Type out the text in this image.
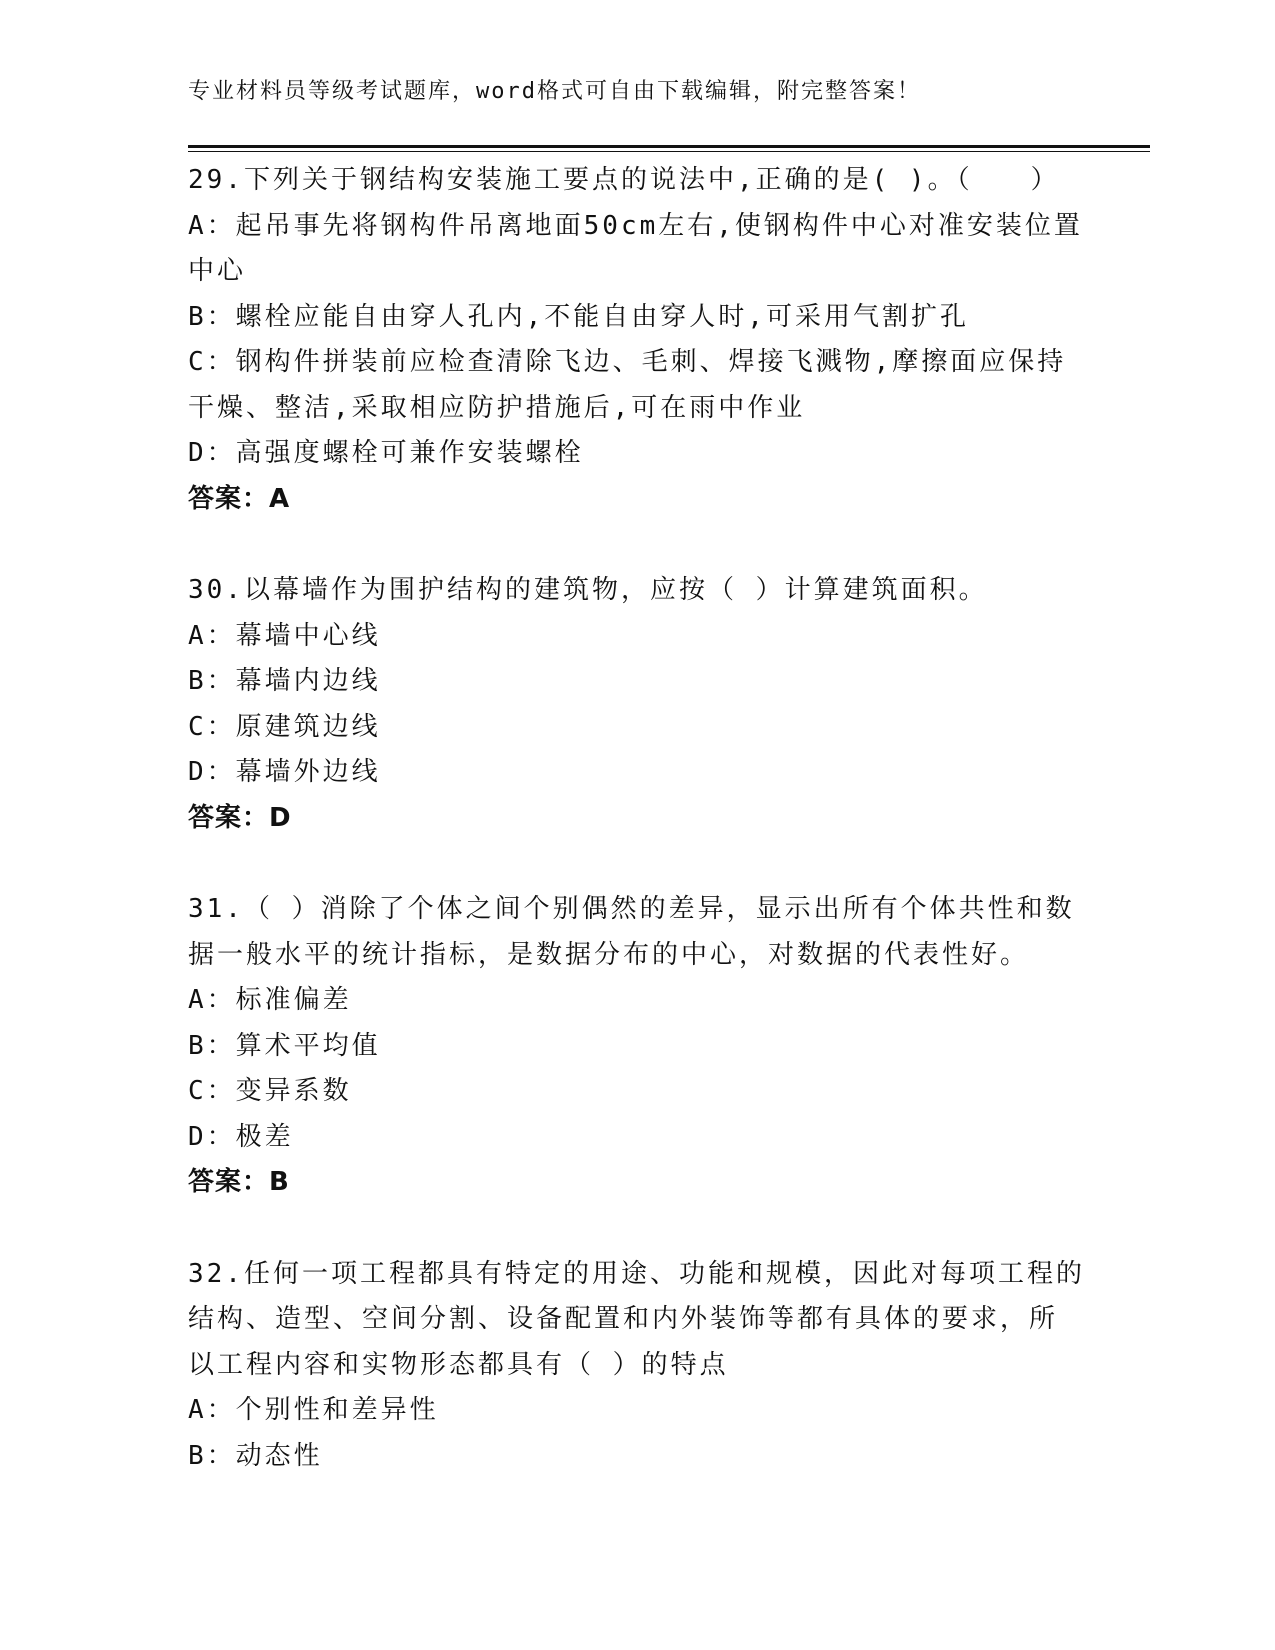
专业材料员等级考试题库，word格式可自由下载编辑，附完整答案！
29.下列关于钢结构安装施工要点的说法中,正确的是( )。（　　）
A：起吊事先将钢构件吊离地面50cm左右,使钢构件中心对准安装位置
中心
B：螺栓应能自由穿人孔内,不能自由穿人时,可采用气割扩孔
C：钢构件拼装前应检查清除飞边、毛刺、焊接飞溅物,摩擦面应保持
干燥、整洁,采取相应防护措施后,可在雨中作业
D：高强度螺栓可兼作安装螺栓
答案：A
30.以幕墙作为围护结构的建筑物，应按（ ）计算建筑面积。
A：幕墙中心线
B：幕墙内边线
C：原建筑边线
D：幕墙外边线
答案：D
31.（ ）消除了个体之间个别偶然的差异，显示出所有个体共性和数
据一般水平的统计指标，是数据分布的中心，对数据的代表性好。
A：标准偏差
B：算术平均值
C：变异系数
D：极差
答案：B
32.任何一项工程都具有特定的用途、功能和规模，因此对每项工程的
结构、造型、空间分割、设备配置和内外装饰等都有具体的要求，所
以工程内容和实物形态都具有（ ）的特点
A：个别性和差异性
B：动态性
